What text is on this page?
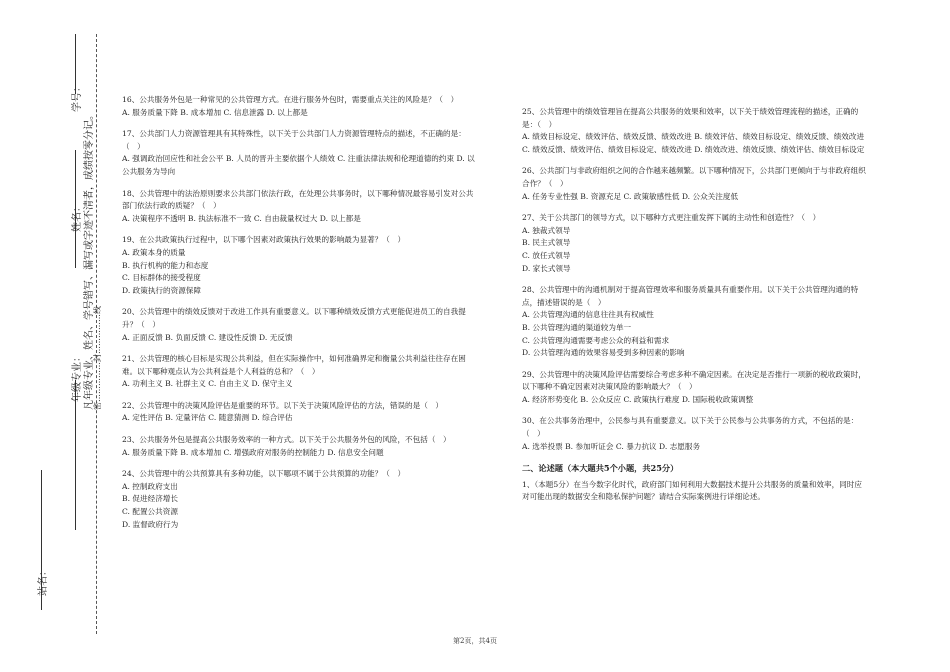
学号：
姓名：
年级专业：
站名：
凡年级专业、姓名、学号错写、漏写或字迹不清者，成绩按零分记。
密……………封……………线
16、公共服务外包是一种常见的公共管理方式。在进行服务外包时，需要重点关注的风险是？（　）
A. 服务质量下降 B. 成本增加 C. 信息泄露 D. 以上都是
17、公共部门人力资源管理具有其特殊性，以下关于公共部门人力资源管理特点的描述，不正确的是：（　）
A. 强调政治回应性和社会公平 B. 人员的晋升主要依据个人绩效 C. 注重法律法规和伦理道德的约束 D. 以公共服务为导向
18、公共管理中的法治原则要求公共部门依法行政，在处理公共事务时，以下哪种情况最容易引发对公共部门依法行政的质疑？（　）
A. 决策程序不透明 B. 执法标准不一致 C. 自由裁量权过大 D. 以上都是
19、在公共政策执行过程中，以下哪个因素对政策执行效果的影响最为显著？（　）
A. 政策本身的质量
B. 执行机构的能力和态度
C. 目标群体的接受程度
D. 政策执行的资源保障
20、公共管理中的绩效反馈对于改进工作具有重要意义。以下哪种绩效反馈方式更能促进员工的自我提升？（　）
A. 正面反馈 B. 负面反馈 C. 建设性反馈 D. 无反馈
21、公共管理的核心目标是实现公共利益，但在实际操作中，如何准确界定和衡量公共利益往往存在困难。以下哪种观点认为公共利益是个人利益的总和？（　）
A. 功利主义 B. 社群主义 C. 自由主义 D. 保守主义
22、公共管理中的决策风险评估是重要的环节。以下关于决策风险评估的方法，错误的是（　）
A. 定性评估 B. 定量评估 C. 随意猜测 D. 综合评估
23、公共服务外包是提高公共服务效率的一种方式。以下关于公共服务外包的风险，不包括（　）
A. 服务质量下降 B. 成本增加 C. 增强政府对服务的控制能力 D. 信息安全问题
24、公共管理中的公共预算具有多种功能，以下哪项不属于公共预算的功能？（　）
A. 控制政府支出
B. 促进经济增长
C. 配置公共资源
D. 监督政府行为
25、公共管理中的绩效管理旨在提高公共服务的效果和效率，以下关于绩效管理流程的描述，正确的是：（　）
A. 绩效目标设定、绩效评估、绩效反馈、绩效改进 B. 绩效评估、绩效目标设定、绩效反馈、绩效改进 C. 绩效反馈、绩效评估、绩效目标设定、绩效改进 D. 绩效改进、绩效反馈、绩效评估、绩效目标设定
26、公共部门与非政府组织之间的合作越来越频繁。以下哪种情况下，公共部门更倾向于与非政府组织合作？（　）
A. 任务专业性强 B. 资源充足 C. 政策敏感性低 D. 公众关注度低
27、关于公共部门的领导方式，以下哪种方式更注重发挥下属的主动性和创造性？（　）
A. 独裁式领导
B. 民主式领导
C. 放任式领导
D. 家长式领导
28、公共管理中的沟通机制对于提高管理效率和服务质量具有重要作用。以下关于公共管理沟通的特点，描述错误的是（　）
A. 公共管理沟通的信息往往具有权威性
B. 公共管理沟通的渠道较为单一
C. 公共管理沟通需要考虑公众的利益和需求
D. 公共管理沟通的效果容易受到多种因素的影响
29、公共管理中的决策风险评估需要综合考虑多种不确定因素。在决定是否推行一项新的税收政策时，以下哪种不确定因素对决策风险的影响最大？（　）
A. 经济形势变化 B. 公众反应 C. 政策执行难度 D. 国际税收政策调整
30、在公共事务治理中，公民参与具有重要意义。以下关于公民参与公共事务的方式，不包括的是：（　）
A. 选举投票 B. 参加听证会 C. 暴力抗议 D. 志愿服务
二、论述题（本大题共5个小题，共25分）
1、（本题5分）在当今数字化时代，政府部门如何利用大数据技术提升公共服务的质量和效率，同时应对可能出现的数据安全和隐私保护问题？请结合实际案例进行详细论述。
第2页，共4页
